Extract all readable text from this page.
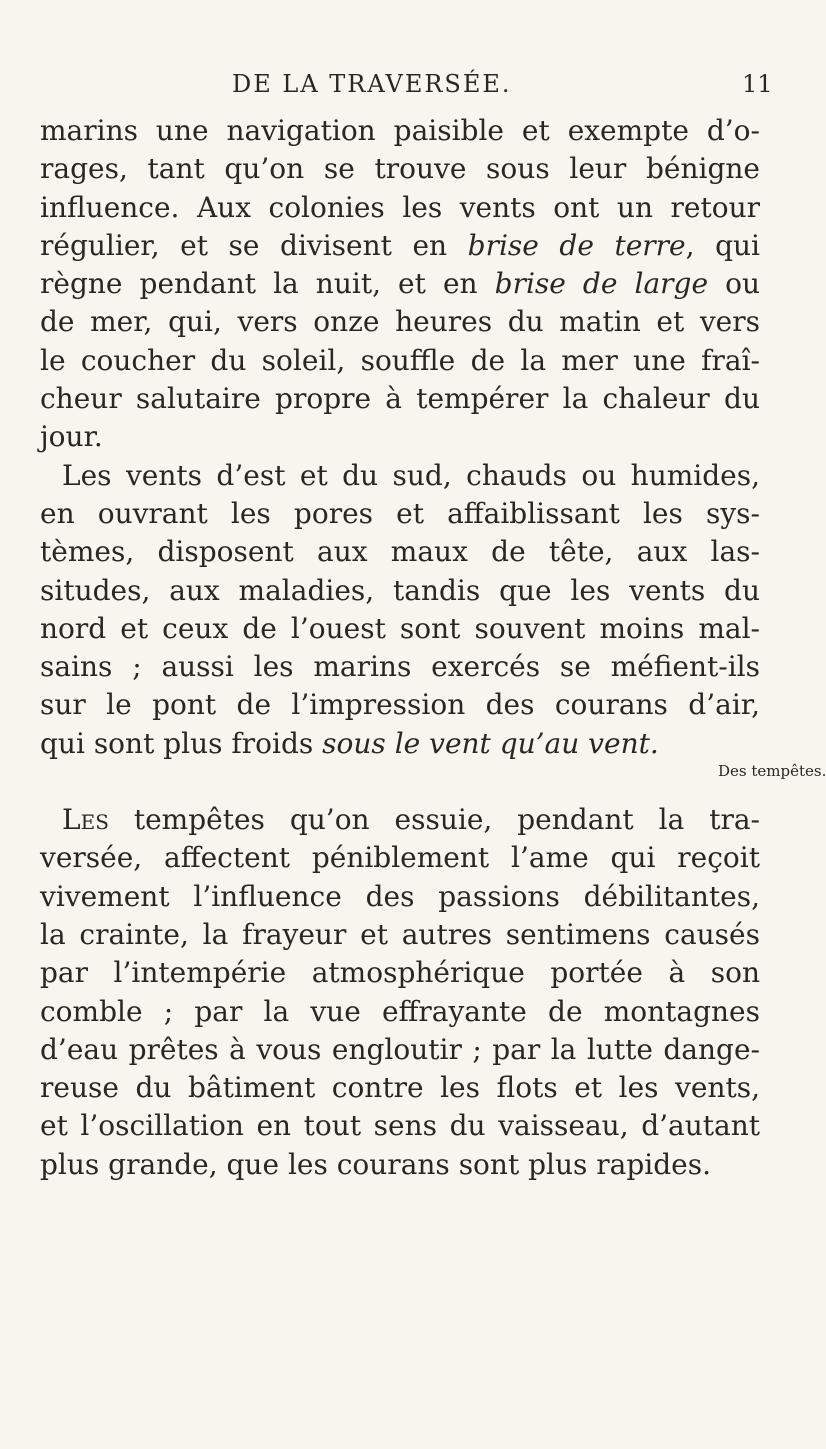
DE LA TRAVERSÉE.	11
marins une navigation paisible et exempte d’o-
rages, tant qu’on se trouve sous leur bénigne
influence. Aux colonies les vents ont un retour
régulier, et se divisent en brise de terre, qui
règne pendant la nuit, et en brise de large ou
de mer, qui, vers onze heures du matin et vers
le coucher du soleil, souffle de la mer une fraî-
cheur salutaire propre à tempérer la chaleur du
jour.
Les vents d’est et du sud, chauds ou humides,
en ouvrant les pores et affaiblissant les sys-
tèmes, disposent aux maux de tête, aux las-
situdes, aux maladies, tandis que les vents du
nord et ceux de l’ouest sont souvent moins mal-
sains ; aussi les marins exercés se méfient-ils
sur le pont de l’impression des courans d’air,
qui sont plus froids sous le vent qu’au vent.
Les tempêtes qu’on essuie, pendant la tra-
versée, affectent péniblement l’ame qui reçoit
vivement l’influence des passions débilitantes,
la crainte, la frayeur et autres sentimens causés
par l’intempérie atmosphérique portée à son
comble ; par la vue effrayante de montagnes
d’eau prêtes à vous engloutir ; par la lutte dange-
reuse du bâtiment contre les flots et les vents,
et l’oscillation en tout sens du vaisseau, d’autant
plus grande, que les courans sont plus rapides.
Des tempêtes.
